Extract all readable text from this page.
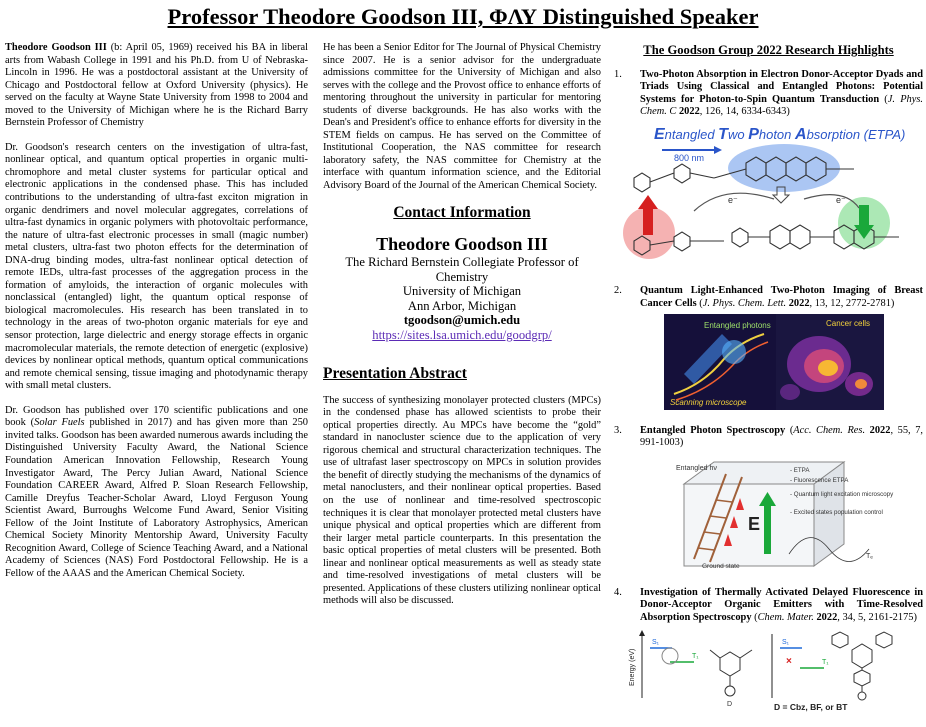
Professor Theodore Goodson III, ΦΛΥ Distinguished Speaker

Theodore Goodson III (b: April 05, 1969) received his BA in liberal arts from Wabash College in 1991 and his Ph.D. from U of Nebraska-Lincoln in 1996. He was a postdoctoral assistant at the University of Chicago and Postdoctoral fellow at Oxford University (physics). He served on the faculty at Wayne State University from 1998 to 2004 and moved to the University of Michigan where he is the Richard Barry Bernstein Professor of Chemistry

Dr. Goodson's research centers on the investigation of ultra-fast, nonlinear optical, and quantum optical properties in organic multi-chromophore and metal cluster systems for particular optical and electronic applications in the condensed phase. This has included contributions to the understanding of ultra-fast exciton migration in organic dendrimers and novel molecular aggregates, correlations of ultra-fast dynamics in organic polymers with photovoltaic performance, the nature of ultra-fast electronic processes in small (magic number) metal clusters, ultra-fast two photon effects for the determination of DNA-drug binding modes, ultra-fast nonlinear optical detection of remote IEDs, ultra-fast processes of the aggregation process in the formation of amyloids, the interaction of organic molecules with nonclassical (entangled) light, the quantum optical response of biological macromolecules. His research has been translated in to technology in the areas of two-photon organic materials for eye and sensor protection, large dielectric and energy storage effects in organic macromolecular materials, the remote detection of energetic (explosive) devices by nonlinear optical methods, quantum optical communications and remote chemical sensing, tissue imaging and photodynamic therapy with small metal clusters.

Dr. Goodson has published over 170 scientific publications and one book (Solar Fuels published in 2017) and has given more than 250 invited talks. Goodson has been awarded numerous awards including the Distinguished University Faculty Award, the National Science Foundation American Innovation Fellowship, Research Young Investigator Award, The Percy Julian Award, National Science Foundation CAREER Award, Alfred P. Sloan Research Fellowship, Camille Dreyfus Teacher-Scholar Award, Lloyd Ferguson Young Scientist Award, Burroughs Welcome Fund Award, Senior Visiting Fellow of the Joint Institute of Laboratory Astrophysics, American Chemical Society Minority Mentorship Award, University Faculty Recognition Award, College of Science Teaching Award, and a National Academy of Sciences (NAS) Ford Postdoctoral Fellowship. He is a Fellow of the AAAS and the American Chemical Society.

He has been a Senior Editor for The Journal of Physical Chemistry since 2007. He is a senior advisor for the undergraduate admissions committee for the University of Michigan and also serves with the college and the Provost office to enhance efforts of mentoring throughout the university in particular for mentoring students of diverse backgrounds. He has also works with the Dean's and President's office to enhance efforts for diversity in the STEM fields on campus. He has served on the Committee of Institutional Cooperation, the NAS committee for research laboratory safety, the NAS committee for Chemistry at the interface with quantum information science, and the Editorial Advisory Board of the Journal of the American Chemical Society.

Contact Information
Theodore Goodson III
The Richard Bernstein Collegiate Professor of Chemistry
University of Michigan
Ann Arbor, Michigan
tgoodson@umich.edu
https://sites.lsa.umich.edu/goodgrp/
Presentation Abstract

The success of synthesizing monolayer protected clusters (MPCs) in the condensed phase has allowed scientists to probe their optical properties directly. Au MPCs have become the “gold” standard in nanocluster science due to the application of very rigorous chemical and structural characterization techniques. The use of ultrafast laser spectroscopy on MPCs in solution provides the benefit of directly studying the mechanisms of the dynamics of metal nanoclusters, and their nonlinear optical properties. Based on the use of nonlinear and time-resolved spectroscopic techniques it is clear that monolayer protected metal clusters have unique physical and optical properties which are different from their larger metal particle counterparts. In this presentation the basic optical properties of metal clusters will be presented. Both linear and nonlinear optical measurements as well as steady state and time-resolved investigations of metal clusters will be presented. Applications of these clusters utilizing nonlinear optical methods will also be discussed.

The Goodson Group 2022 Research Highlights
1. Two-Photon Absorption in Electron Donor-Acceptor Dyads and Triads Using Classical and Entangled Photons: Potential Systems for Photon-to-Spin Quantum Transduction (J. Phys. Chem. C 2022, 126, 14, 6334-6343)
Entangled Two Photon Absorption (ETPA)
800 nm
e⁻	e⁻
2. Quantum Light-Enhanced Two-Photon Imaging of Breast Cancer Cells (J. Phys. Chem. Lett. 2022, 13, 12, 2772-2781)
Entangled photons
Scanning microscope
Cancer cells
3. Entangled Photon Spectroscopy (Acc. Chem. Res. 2022, 55, 7, 991-1003)
E
Entangled hν	- ETPA
- Fluorescence ETPA
- Quantum light excitation microscopy
- Excited states population control
Ground state
Tₑ
4. Investigation of Thermally Activated Delayed Fluorescence in Donor-Acceptor Organic Emitters with Time-Resolved Absorption Spectroscopy (Chem. Mater. 2022, 34, 5, 2161-2175)
Energy (eV)
S₁
T₁
D
S₁
T₁
×
D = Cbz, BF, or BT
